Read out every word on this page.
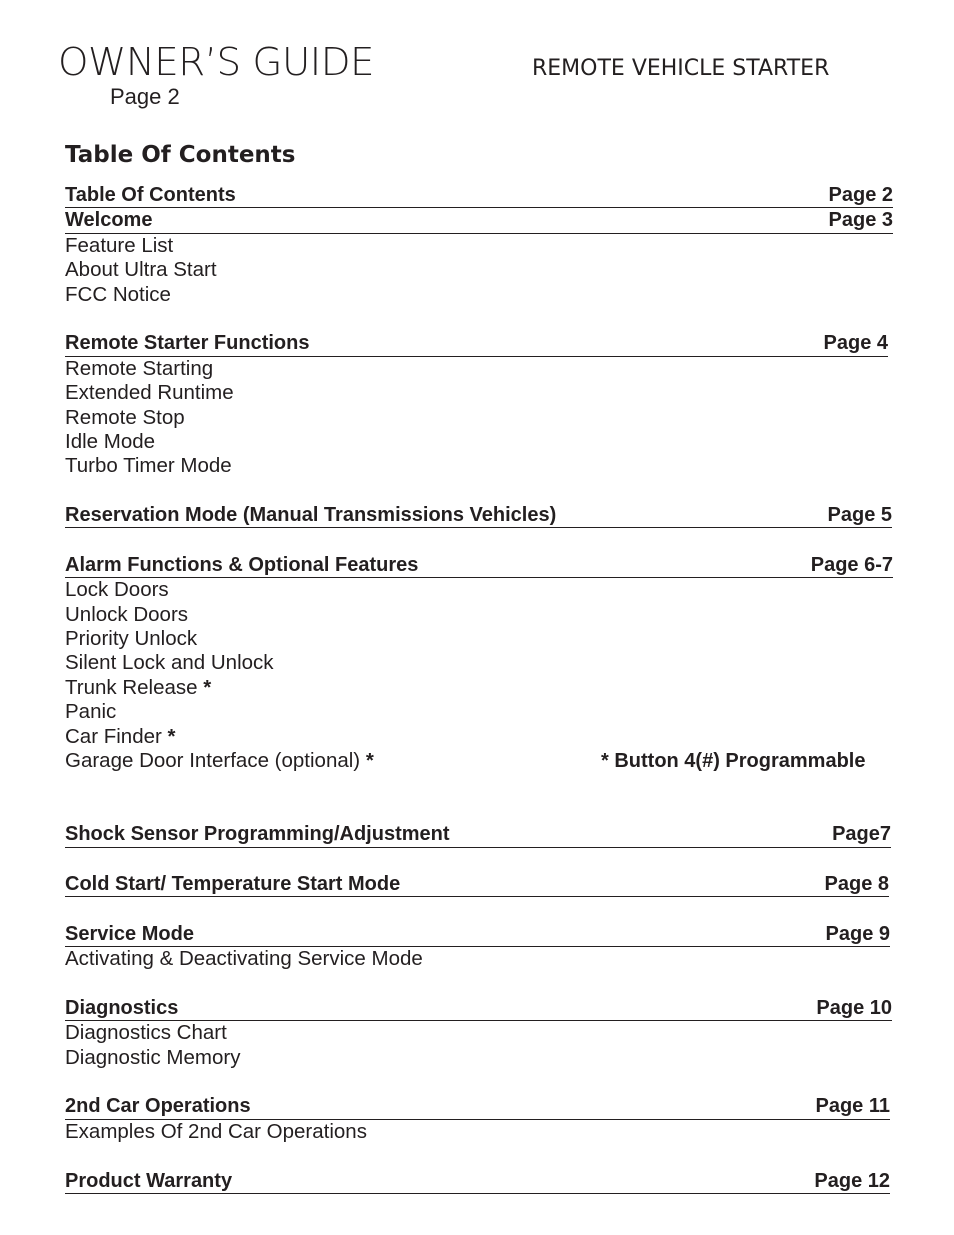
OWNER’S GUIDE
Page 2
REMOTE VEHICLE STARTER
Table Of Contents
Table Of Contents	Page 2
Welcome	Page 3
Feature List
About Ultra Start
FCC Notice
Remote Starter Functions	Page 4
Remote Starting
Extended Runtime
Remote Stop
Idle Mode
Turbo Timer Mode
Reservation Mode (Manual Transmissions Vehicles)	Page 5
Alarm Functions & Optional Features	Page 6-7
Lock Doors
Unlock Doors
Priority Unlock
Silent Lock and Unlock
Trunk Release *
Panic
Car Finder *
Garage Door Interface (optional) *	* Button 4(#) Programmable
Shock Sensor Programming/Adjustment	Page7
Cold Start/ Temperature Start Mode	Page 8
Service Mode	Page 9
Activating & Deactivating Service Mode
Diagnostics	Page 10
Diagnostics Chart
Diagnostic Memory
2nd Car Operations	Page 11
Examples Of 2nd Car Operations
Product Warranty	Page 12
